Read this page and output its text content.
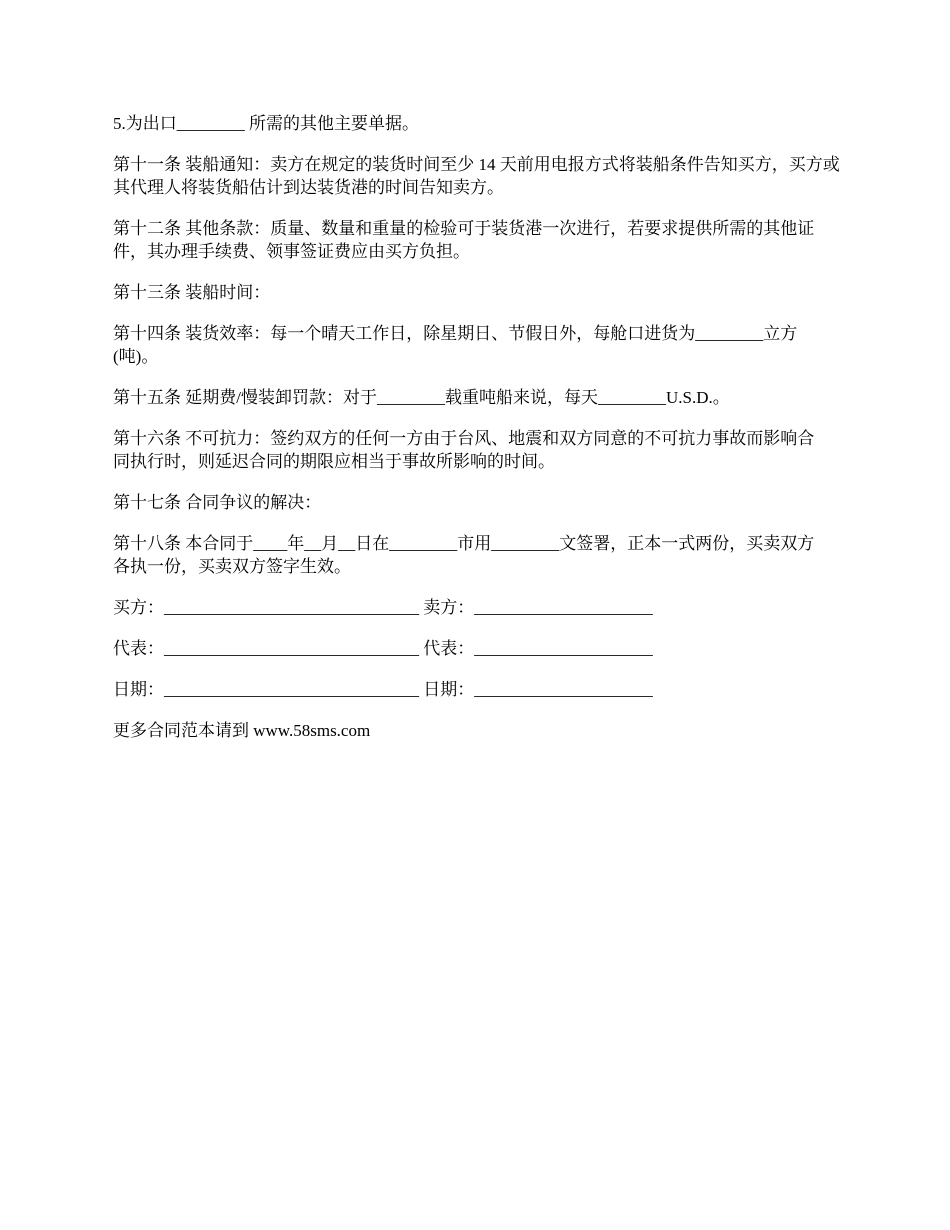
5.为出口________ 所需的其他主要单据。

第十一条 装船通知：卖方在规定的装货时间至少 14 天前用电报方式将装船条件告知买方，买方或其代理人将装货船估计到达装货港的时间告知卖方。

第十二条 其他条款：质量、数量和重量的检验可于装货港一次进行，若要求提供所需的其他证件，其办理手续费、领事签证费应由买方负担。

第十三条 装船时间：

第十四条 装货效率：每一个晴天工作日，除星期日、节假日外，每舱口进货为________立方(吨)。

第十五条 延期费/慢装卸罚款：对于________载重吨船来说，每天________U.S.D.。

第十六条 不可抗力：签约双方的任何一方由于台风、地震和双方同意的不可抗力事故而影响合同执行时，则延迟合同的期限应相当于事故所影响的时间。

第十七条 合同争议的解决：

第十八条 本合同于____年__月__日在________市用________文签署，正本一式两份，买卖双方各执一份，买卖双方签字生效。

买方：______________________________ 卖方：_____________________
代表：______________________________ 代表：_____________________
日期：______________________________ 日期：_____________________

更多合同范本请到 www.58sms.com
